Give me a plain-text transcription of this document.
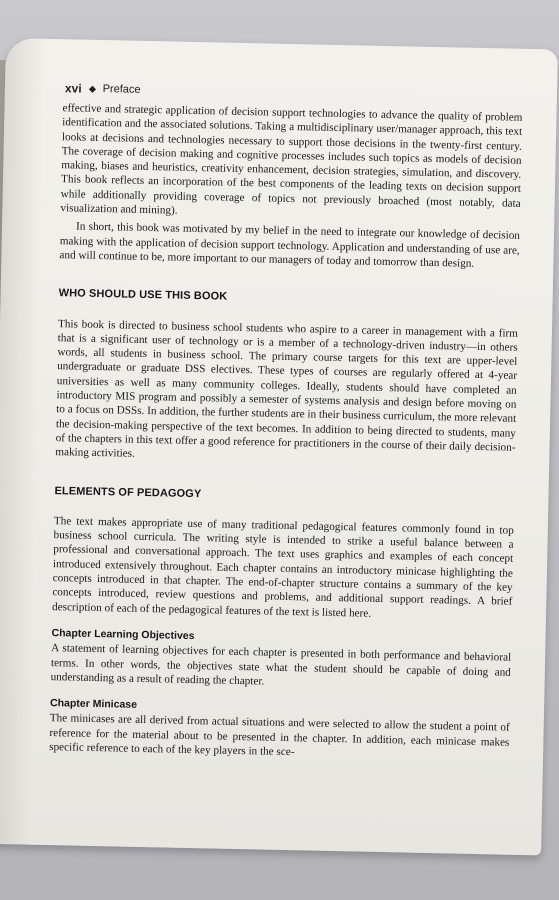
xvi Preface

effective and strategic application of decision support technologies to advance the quality of problem identification and the associated solutions. Taking a multidisciplinary user/manager approach, this text looks at decisions and technologies necessary to support those decisions in the twenty-first century. The coverage of decision making and cognitive processes includes such topics as models of decision making, biases and heuristics, creativity enhancement, decision strategies, simulation, and discovery. This book reflects an incorporation of the best components of the leading texts on decision support while additionally providing coverage of topics not previously broached (most notably, data visualization and mining).

In short, this book was motivated by my belief in the need to integrate our knowledge of decision making with the application of decision support technology. Application and understanding of use are, and will continue to be, more important to our managers of today and tomorrow than design.

WHO SHOULD USE THIS BOOK

This book is directed to business school students who aspire to a career in management with a firm that is a significant user of technology or is a member of a technology-driven industry—in others words, all students in business school. The primary course targets for this text are upper-level undergraduate or graduate DSS electives. These types of courses are regularly offered at 4-year universities as well as many community colleges. Ideally, students should have completed an introductory MIS program and possibly a semester of systems analysis and design before moving on to a focus on DSSs. In addition, the further students are in their business curriculum, the more relevant the decision-making perspective of the text becomes. In addition to being directed to students, many of the chapters in this text offer a good reference for practitioners in the course of their daily decision-making activities.

ELEMENTS OF PEDAGOGY

The text makes appropriate use of many traditional pedagogical features commonly found in top business school curricula. The writing style is intended to strike a useful balance between a professional and conversational approach. The text uses graphics and examples of each concept introduced extensively throughout. Each chapter contains an introductory minicase highlighting the concepts introduced in that chapter. The end-of-chapter structure contains a summary of the key concepts introduced, review questions and problems, and additional support readings. A brief description of each of the pedagogical features of the text is listed here.

Chapter Learning Objectives

A statement of learning objectives for each chapter is presented in both performance and behavioral terms. In other words, the objectives state what the student should be capable of doing and understanding as a result of reading the chapter.

Chapter Minicase

The minicases are all derived from actual situations and were selected to allow the student a point of reference for the material about to be presented in the chapter. In addition, each minicase makes specific reference to each of the key players in the sce-
